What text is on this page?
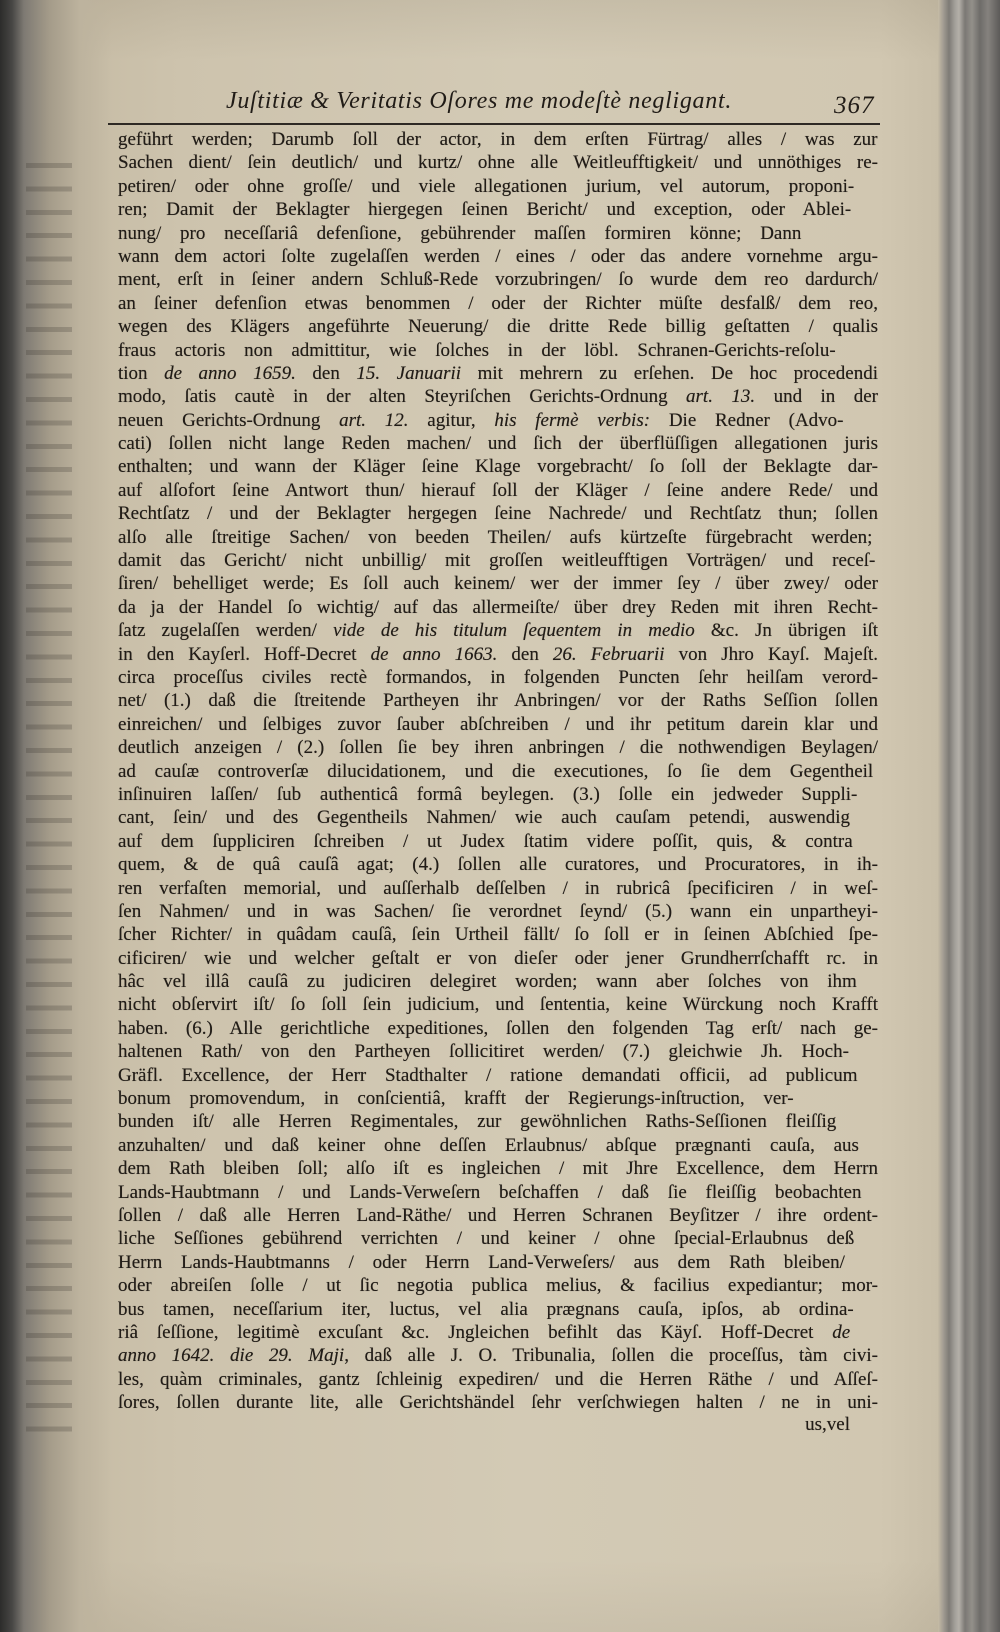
Juſtitiæ & Veritatis Oſores me modeſtè negligant.	367
geführt werden; Darumb ſoll der actor, in dem erſten Fürtrag/ alles / was zur
Sachen dient/ ſein deutlich/ und kurtz/ ohne alle Weitleufftigkeit/ und unnöthiges re-
petiren/ oder ohne groſſe/ und viele allegationen jurium, vel autorum, proponi-
ren; Damit der Beklagter hiergegen ſeinen Bericht/ und exception, oder Ablei-
nung/ pro neceſſariâ defenſione, gebührender maſſen formiren könne; Dann
wann dem actori ſolte zugelaſſen werden / eines / oder das andere vornehme argu-
ment, erſt in ſeiner andern Schluß-Rede vorzubringen/ ſo wurde dem reo dardurch/
an ſeiner defenſion etwas benommen / oder der Richter müſte desfalß/ dem reo,
wegen des Klägers angeführte Neuerung/ die dritte Rede billig geſtatten / qualis
fraus actoris non admittitur, wie ſolches in der löbl. Schranen-Gerichts-reſolu-
tion de anno 1659. den 15. Januarii mit mehrern zu erſehen. De hoc procedendi
modo, ſatis cautè in der alten Steyriſchen Gerichts-Ordnung art. 13. und in der
neuen Gerichts-Ordnung art. 12. agitur, his fermè verbis: Die Redner (Advo-
cati) ſollen nicht lange Reden machen/ und ſich der überflüſſigen allegationen juris
enthalten; und wann der Kläger ſeine Klage vorgebracht/ ſo ſoll der Beklagte dar-
auf alſofort ſeine Antwort thun/ hierauf ſoll der Kläger / ſeine andere Rede/ und
Rechtſatz / und der Beklagter hergegen ſeine Nachrede/ und Rechtſatz thun; ſollen
alſo alle ſtreitige Sachen/ von beeden Theilen/ aufs kürtzeſte fürgebracht werden;
damit das Gericht/ nicht unbillig/ mit groſſen weitleufftigen Vorträgen/ und receſ-
ſiren/ behelliget werde; Es ſoll auch keinem/ wer der immer ſey / über zwey/ oder
da ja der Handel ſo wichtig/ auf das allermeiſte/ über drey Reden mit ihren Recht-
ſatz zugelaſſen werden/ vide de his titulum ſequentem in medio &c. Jn übrigen iſt
in den Kayſerl. Hoff-Decret de anno 1663. den 26. Februarii von Jhro Kayſ. Majeſt.
circa proceſſus civiles rectè formandos, in folgenden Puncten ſehr heilſam verord-
net/ (1.) daß die ſtreitende Partheyen ihr Anbringen/ vor der Raths Seſſion ſollen
einreichen/ und ſelbiges zuvor ſauber abſchreiben / und ihr petitum darein klar und
deutlich anzeigen / (2.) ſollen ſie bey ihren anbringen / die nothwendigen Beylagen/
ad cauſæ controverſæ dilucidationem, und die executiones, ſo ſie dem Gegentheil
inſinuiren laſſen/ ſub authenticâ formâ beylegen. (3.) ſolle ein jedweder Suppli-
cant, ſein/ und des Gegentheils Nahmen/ wie auch cauſam petendi, auswendig
auf dem ſuppliciren ſchreiben / ut Judex ſtatim videre poſſit, quis, & contra
quem, & de quâ cauſâ agat; (4.) ſollen alle curatores, und Procuratores, in ih-
ren verfaſten memorial, und auſſerhalb deſſelben / in rubricâ ſpecificiren / in weſ-
ſen Nahmen/ und in was Sachen/ ſie verordnet ſeynd/ (5.) wann ein unpartheyi-
ſcher Richter/ in quâdam cauſâ, ſein Urtheil fällt/ ſo ſoll er in ſeinen Abſchied ſpe-
cificiren/ wie und welcher geſtalt er von dieſer oder jener Grundherrſchafft rc. in
hâc vel illâ cauſâ zu judiciren delegiret worden; wann aber ſolches von ihm
nicht obſervirt iſt/ ſo ſoll ſein judicium, und ſententia, keine Würckung noch Krafft
haben. (6.) Alle gerichtliche expeditiones, ſollen den folgenden Tag erſt/ nach ge-
haltenen Rath/ von den Partheyen ſollicitiret werden/ (7.) gleichwie Jh. Hoch-
Gräfl. Excellence, der Herr Stadthalter / ratione demandati officii, ad publicum
bonum promovendum, in conſcientiâ, krafft der Regierungs-inſtruction, ver-
bunden iſt/ alle Herren Regimentales, zur gewöhnlichen Raths-Seſſionen fleiſſig
anzuhalten/ und daß keiner ohne deſſen Erlaubnus/ abſque prægnanti cauſa, aus
dem Rath bleiben ſoll; alſo iſt es ingleichen / mit Jhre Excellence, dem Herrn
Lands-Haubtmann / und Lands-Verweſern beſchaffen / daß ſie fleiſſig beobachten
ſollen / daß alle Herren Land-Räthe/ und Herren Schranen Beyſitzer / ihre ordent-
liche Seſſiones gebührend verrichten / und keiner / ohne ſpecial-Erlaubnus deß
Herrn Lands-Haubtmanns / oder Herrn Land-Verweſers/ aus dem Rath bleiben/
oder abreiſen ſolle / ut ſic negotia publica melius, & facilius expediantur; mor-
bus tamen, neceſſarium iter, luctus, vel alia prægnans cauſa, ipſos, ab ordina-
riâ ſeſſione, legitimè excuſant &c. Jngleichen befihlt das Käyſ. Hoff-Decret de
anno 1642. die 29. Maji, daß alle J. O. Tribunalia, ſollen die proceſſus, tàm civi-
les, quàm criminales, gantz ſchleinig expediren/ und die Herren Räthe / und Aſſeſ-
ſores, ſollen durante lite, alle Gerichtshändel ſehr verſchwiegen halten / ne in uni-
us,vel
